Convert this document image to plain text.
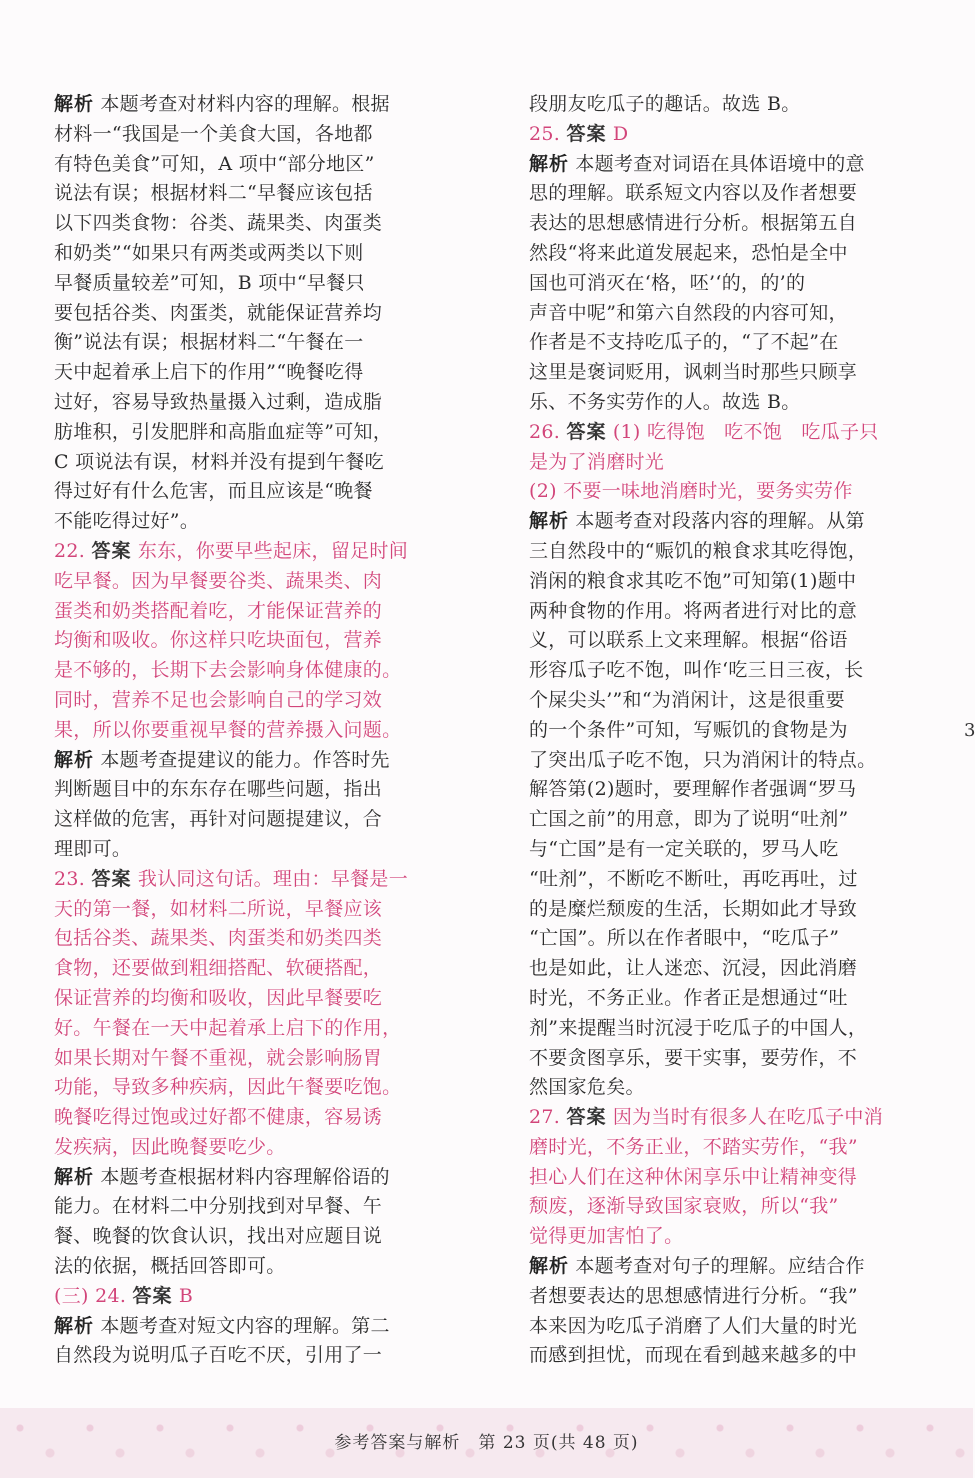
解析 本题考查对材料内容的理解。根据
材料一“我国是一个美食大国，各地都
有特色美食”可知，A 项中“部分地区”
说法有误；根据材料二“早餐应该包括
以下四类食物：谷类、蔬果类、肉蛋类
和奶类”“如果只有两类或两类以下则
早餐质量较差”可知，B 项中“早餐只
要包括谷类、肉蛋类，就能保证营养均
衡”说法有误；根据材料二“午餐在一
天中起着承上启下的作用”“晚餐吃得
过好，容易导致热量摄入过剩，造成脂
肪堆积，引发肥胖和高脂血症等”可知，
C 项说法有误，材料并没有提到午餐吃
得过好有什么危害，而且应该是“晚餐
不能吃得过好”。
22. 答案 东东，你要早些起床，留足时间
吃早餐。因为早餐要谷类、蔬果类、肉
蛋类和奶类搭配着吃，才能保证营养的
均衡和吸收。你这样只吃块面包，营养
是不够的，长期下去会影响身体健康的。
同时，营养不足也会影响自己的学习效
果，所以你要重视早餐的营养摄入问题。
解析 本题考查提建议的能力。作答时先
判断题目中的东东存在哪些问题，指出
这样做的危害，再针对问题提建议，合
理即可。
23. 答案 我认同这句话。理由：早餐是一
天的第一餐，如材料二所说，早餐应该
包括谷类、蔬果类、肉蛋类和奶类四类
食物，还要做到粗细搭配、软硬搭配，
保证营养的均衡和吸收，因此早餐要吃
好。午餐在一天中起着承上启下的作用，
如果长期对午餐不重视，就会影响肠胃
功能，导致多种疾病，因此午餐要吃饱。
晚餐吃得过饱或过好都不健康，容易诱
发疾病，因此晚餐要吃少。
解析 本题考查根据材料内容理解俗语的
能力。在材料二中分别找到对早餐、午
餐、晚餐的饮食认识，找出对应题目说
法的依据，概括回答即可。
(三) 24. 答案 B
解析 本题考查对短文内容的理解。第二
自然段为说明瓜子百吃不厌，引用了一
段朋友吃瓜子的趣话。故选 B。
25. 答案 D
解析 本题考查对词语在具体语境中的意
思的理解。联系短文内容以及作者想要
表达的思想感情进行分析。根据第五自
然段“将来此道发展起来，恐怕是全中
国也可消灭在‘格，呸’‘的，的’的
声音中呢”和第六自然段的内容可知，
作者是不支持吃瓜子的，“了不起”在
这里是褒词贬用，讽刺当时那些只顾享
乐、不务实劳作的人。故选 B。
26. 答案 (1) 吃得饱　吃不饱　吃瓜子只
是为了消磨时光
(2) 不要一味地消磨时光，要务实劳作
解析 本题考查对段落内容的理解。从第
三自然段中的“赈饥的粮食求其吃得饱，
消闲的粮食求其吃不饱”可知第(1)题中
两种食物的作用。将两者进行对比的意
义，可以联系上文来理解。根据“俗语
形容瓜子吃不饱，叫作‘吃三日三夜，长
个屎尖头’”和“为消闲计，这是很重要
的一个条件”可知，写赈饥的食物是为
了突出瓜子吃不饱，只为消闲计的特点。
解答第(2)题时，要理解作者强调“罗马
亡国之前”的用意，即为了说明“吐剂”
与“亡国”是有一定关联的，罗马人吃
“吐剂”，不断吃不断吐，再吃再吐，过
的是糜烂颓废的生活，长期如此才导致
“亡国”。所以在作者眼中，“吃瓜子”
也是如此，让人迷恋、沉浸，因此消磨
时光，不务正业。作者正是想通过“吐
剂”来提醒当时沉浸于吃瓜子的中国人，
不要贪图享乐，要干实事，要劳作，不
然国家危矣。
27. 答案 因为当时有很多人在吃瓜子中消
磨时光，不务正业，不踏实劳作，“我”
担心人们在这种休闲享乐中让精神变得
颓废，逐渐导致国家衰败，所以“我”
觉得更加害怕了。
解析 本题考查对句子的理解。应结合作
者想要表达的思想感情进行分析。“我”
本来因为吃瓜子消磨了人们大量的时光
而感到担忧，而现在看到越来越多的中
3
参考答案与解析　第 23 页(共 48 页)
